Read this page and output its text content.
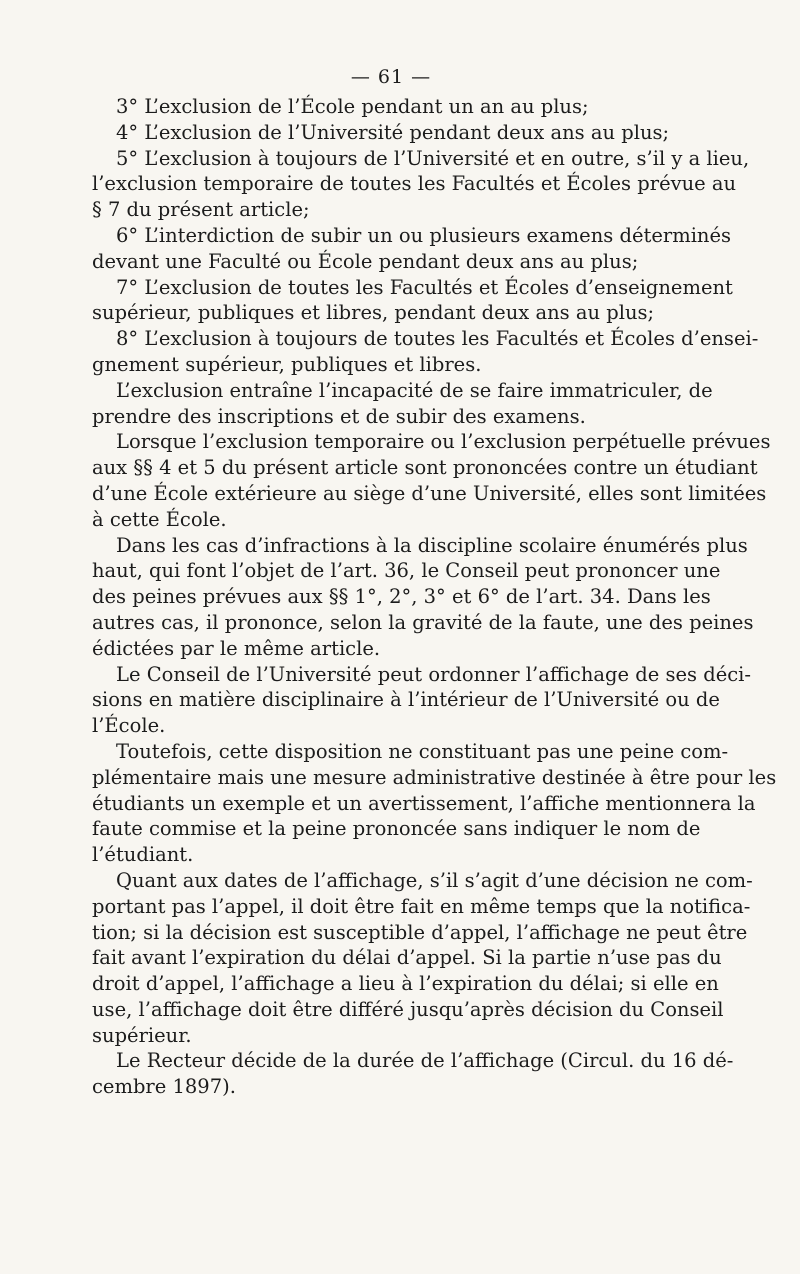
— 61 —
3° L’exclusion de l’École pendant un an au plus;
4° L’exclusion de l’Université pendant deux ans au plus;
5° L’exclusion à toujours de l’Université et en outre, s’il y a lieu,
l’exclusion temporaire de toutes les Facultés et Écoles prévue au
§ 7 du présent article;
6° L’interdiction de subir un ou plusieurs examens déterminés
devant une Faculté ou École pendant deux ans au plus;
7° L’exclusion de toutes les Facultés et Écoles d’enseignement
supérieur, publiques et libres, pendant deux ans au plus;
8° L’exclusion à toujours de toutes les Facultés et Écoles d’ensei-
gnement supérieur, publiques et libres.
L’exclusion entraîne l’incapacité de se faire immatriculer, de
prendre des inscriptions et de subir des examens.
Lorsque l’exclusion temporaire ou l’exclusion perpétuelle prévues
aux §§ 4 et 5 du présent article sont prononcées contre un étudiant
d’une École extérieure au siège d’une Université, elles sont limitées
à cette École.
Dans les cas d’infractions à la discipline scolaire énumérés plus
haut, qui font l’objet de l’art. 36, le Conseil peut prononcer une
des peines prévues aux §§ 1°, 2°, 3° et 6° de l’art. 34. Dans les
autres cas, il prononce, selon la gravité de la faute, une des peines
édictées par le même article.
Le Conseil de l’Université peut ordonner l’affichage de ses déci-
sions en matière disciplinaire à l’intérieur de l’Université ou de
l’École.
Toutefois, cette disposition ne constituant pas une peine com-
plémentaire mais une mesure administrative destinée à être pour les
étudiants un exemple et un avertissement, l’affiche mentionnera la
faute commise et la peine prononcée sans indiquer le nom de
l’étudiant.
Quant aux dates de l’affichage, s’il s’agit d’une décision ne com-
portant pas l’appel, il doit être fait en même temps que la notifica-
tion; si la décision est susceptible d’appel, l’affichage ne peut être
fait avant l’expiration du délai d’appel. Si la partie n’use pas du
droit d’appel, l’affichage a lieu à l’expiration du délai; si elle en
use, l’affichage doit être différé jusqu’après décision du Conseil
supérieur.
Le Recteur décide de la durée de l’affichage (Circul. du 16 dé-
cembre 1897).
